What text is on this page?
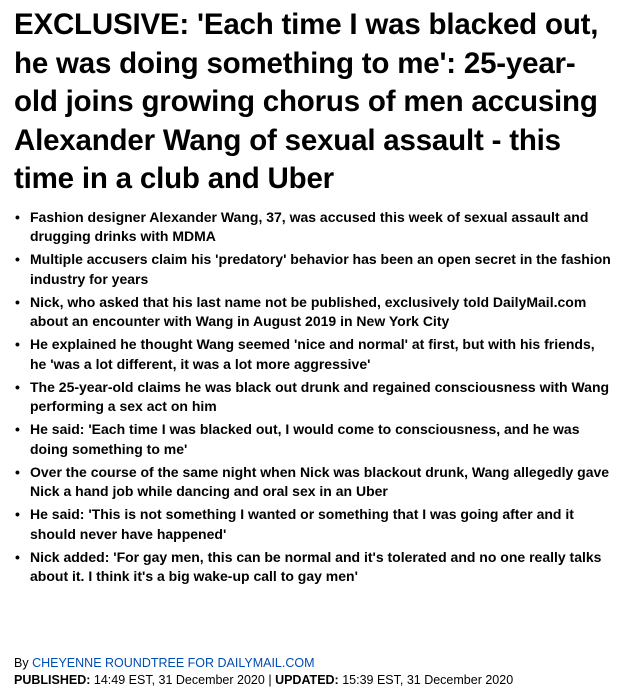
EXCLUSIVE: 'Each time I was blacked out, he was doing something to me': 25-year-old joins growing chorus of men accusing Alexander Wang of sexual assault - this time in a club and Uber
• Fashion designer Alexander Wang, 37, was accused this week of sexual assault and drugging drinks with MDMA
• Multiple accusers claim his 'predatory' behavior has been an open secret in the fashion industry for years
• Nick, who asked that his last name not be published, exclusively told DailyMail.com about an encounter with Wang in August 2019 in New York City
• He explained he thought Wang seemed 'nice and normal' at first, but with his friends, he 'was a lot different, it was a lot more aggressive'
• The 25-year-old claims he was black out drunk and regained consciousness with Wang performing a sex act on him
• He said: 'Each time I was blacked out, I would come to consciousness, and he was doing something to me'
• Over the course of the same night when Nick was blackout drunk, Wang allegedly gave Nick a hand job while dancing and oral sex in an Uber
• He said: 'This is not something I wanted or something that I was going after and it should never have happened'
• Nick added: 'For gay men, this can be normal and it's tolerated and no one really talks about it. I think it's a big wake-up call to gay men'
By CHEYENNE ROUNDTREE FOR DAILYMAIL.COM
PUBLISHED: 14:49 EST, 31 December 2020 | UPDATED: 15:39 EST, 31 December 2020
